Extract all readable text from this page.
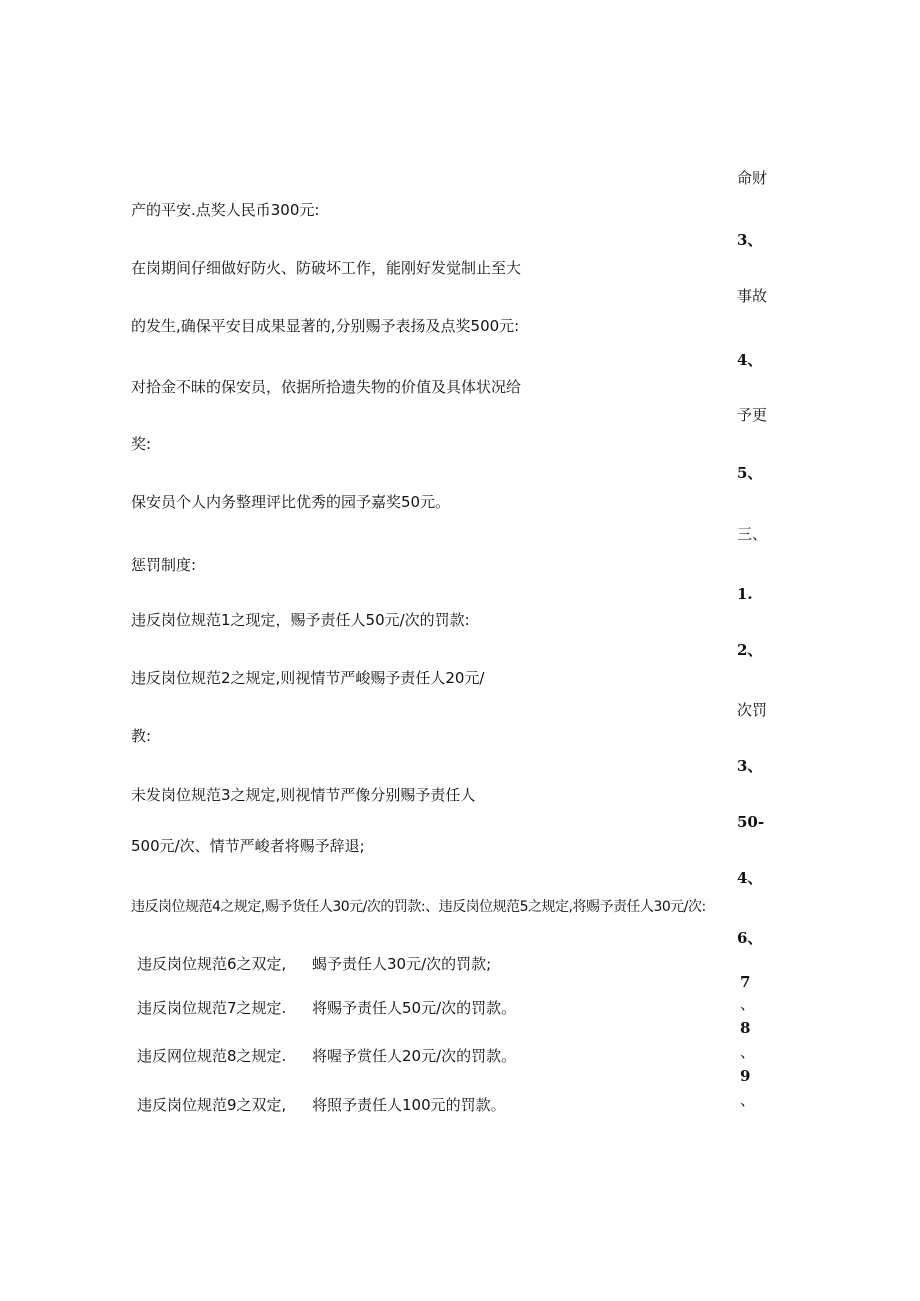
命财
3、
事故
4、
予更
5、
三、
1.
2、
次罚
3、
50-
4、
6、
7
、
8
、
9
、
产的平安.点奖人民币300元:
在岗期间仔细做好防火、防破坏工作，能刚好发觉制止至大
的发生,确保平安目成果显著的,分别赐予表扬及点奖500元:
对拾金不昧的保安员，依据所拾遗失物的价值及具体状况给
奖:
保安员个人内务整理评比优秀的园予嘉奖50元。
惩罚制度:
违反岗位规范1之现定，赐予责任人50元/次的罚款:
违反岗位规范2之规定,则视情节严峻赐予责任人20元/
教:
未发岗位规范3之规定,则视情节严像分别赐予责任人
500元/次、情节严峻者将赐予辞退;
违反岗位规范4之规定,赐予货任人30元/次的罚款:、违反岗位规范5之规定,将赐予责任人30元/次:
违反岗位规范6之双定, 蝎予责任人30元/次的罚款;
违反岗位规范7之规定. 将赐予责任人50元/次的罚款。
违反网位规范8之规定. 将喔予赏任人20元/次的罚款。
违反岗位规范9之双定, 将照予责任人100元的罚款。
